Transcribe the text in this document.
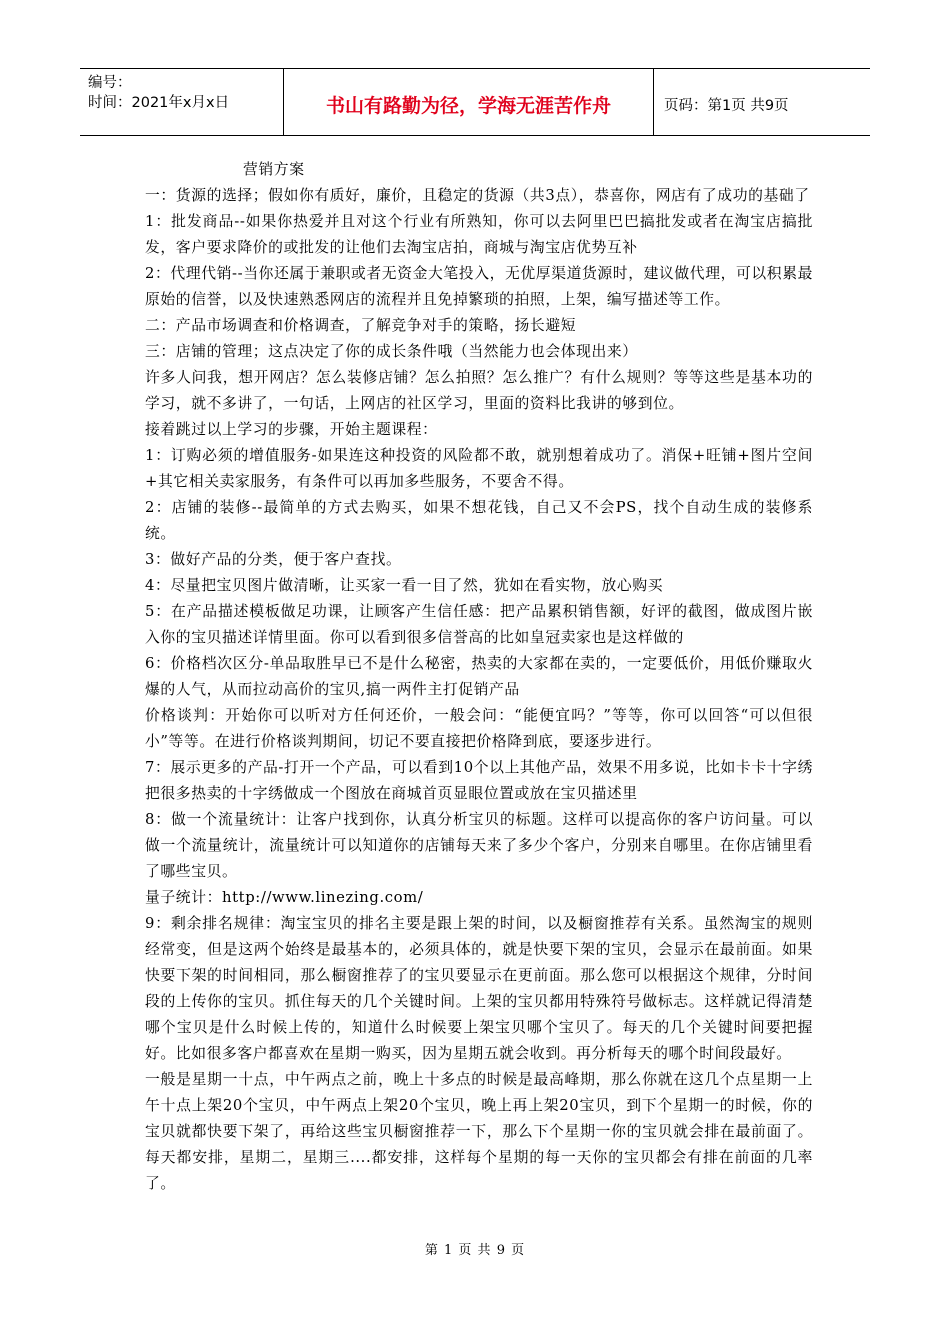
编号：
时间：2021年x月x日	书山有路勤为径，学海无涯苦作舟	页码：第1页 共9页

营销方案

一：货源的选择；假如你有质好，廉价，且稳定的货源（共3点），恭喜你，网店有了成功的基础了

1：批发商品--如果你热爱并且对这个行业有所熟知，你可以去阿里巴巴搞批发或者在淘宝店搞批发，客户要求降价的或批发的让他们去淘宝店拍，商城与淘宝店优势互补

2：代理代销--当你还属于兼职或者无资金大笔投入，无优厚渠道货源时，建议做代理，可以积累最原始的信誉，以及快速熟悉网店的流程并且免掉繁琐的拍照，上架，编写描述等工作。

二：产品市场调查和价格调查，了解竞争对手的策略，扬长避短

三：店铺的管理；这点决定了你的成长条件哦（当然能力也会体现出来）

许多人问我，想开网店？怎么装修店铺？怎么拍照？怎么推广？有什么规则？等等这些是基本功的学习，就不多讲了，一句话，上网店的社区学习，里面的资料比我讲的够到位。

接着跳过以上学习的步骤，开始主题课程：

1：订购必须的增值服务-如果连这种投资的风险都不敢，就别想着成功了。消保+旺铺+图片空间+其它相关卖家服务，有条件可以再加多些服务，不要舍不得。

2：店铺的装修--最简单的方式去购买，如果不想花钱，自己又不会PS，找个自动生成的装修系统。

3：做好产品的分类，便于客户查找。

4：尽量把宝贝图片做清晰，让买家一看一目了然，犹如在看实物，放心购买

5：在产品描述模板做足功课，让顾客产生信任感：把产品累积销售额，好评的截图，做成图片嵌入你的宝贝描述详情里面。你可以看到很多信誉高的比如皇冠卖家也是这样做的

6：价格档次区分-单品取胜早已不是什么秘密，热卖的大家都在卖的，一定要低价，用低价赚取火爆的人气，从而拉动高价的宝贝,搞一两件主打促销产品

价格谈判：开始你可以听对方任何还价，一般会问：“能便宜吗？”等等，你可以回答“可以但很小”等等。在进行价格谈判期间，切记不要直接把价格降到底，要逐步进行。

7：展示更多的产品-打开一个产品，可以看到10个以上其他产品，效果不用多说，比如卡卡十字绣把很多热卖的十字绣做成一个图放在商城首页显眼位置或放在宝贝描述里

8：做一个流量统计：让客户找到你，认真分析宝贝的标题。这样可以提高你的客户访问量。可以做一个流量统计，流量统计可以知道你的店铺每天来了多少个客户，分别来自哪里。在你店铺里看了哪些宝贝。

量子统计：http://www.linezing.com/

9：剩余排名规律：淘宝宝贝的排名主要是跟上架的时间，以及橱窗推荐有关系。虽然淘宝的规则经常变，但是这两个始终是最基本的，必须具体的，就是快要下架的宝贝，会显示在最前面。如果快要下架的时间相同，那么橱窗推荐了的宝贝要显示在更前面。那么您可以根据这个规律，分时间段的上传你的宝贝。抓住每天的几个关键时间。上架的宝贝都用特殊符号做标志。这样就记得清楚哪个宝贝是什么时候上传的，知道什么时候要上架宝贝哪个宝贝了。每天的几个关键时间要把握好。比如很多客户都喜欢在星期一购买，因为星期五就会收到。再分析每天的哪个时间段最好。

一般是星期一十点，中午两点之前，晚上十多点的时候是最高峰期，那么你就在这几个点星期一上午十点上架20个宝贝，中午两点上架20个宝贝，晚上再上架20宝贝，到下个星期一的时候，你的宝贝就都快要下架了，再给这些宝贝橱窗推荐一下，那么下个星期一你的宝贝就会排在最前面了。每天都安排，星期二，星期三....都安排，这样每个星期的每一天你的宝贝都会有排在前面的几率了。

第 1 页 共 9 页
